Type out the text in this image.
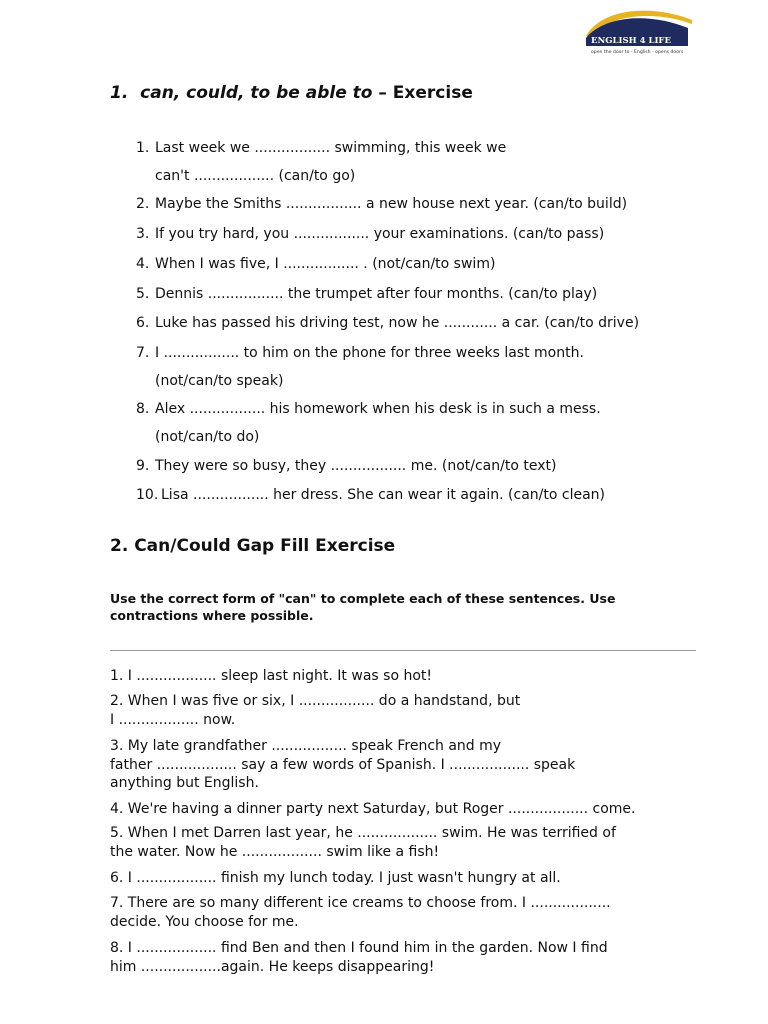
ENGLISH 4 LIFE
open the door to - English - opens doors
1. can, could, to be able to – Exercise
1. Last week we ................. swimming, this week we
can't .................. (can/to go)
2. Maybe the Smiths ................. a new house next year. (can/to build)
3. If you try hard, you ................. your examinations. (can/to pass)
4. When I was five, I ................. . (not/can/to swim)
5. Dennis ................. the trumpet after four months. (can/to play)
6. Luke has passed his driving test, now he ............ a car. (can/to drive)
7. I ................. to him on the phone for three weeks last month.
(not/can/to speak)
8. Alex ................. his homework when his desk is in such a mess.
(not/can/to do)
9. They were so busy, they ................. me. (not/can/to text)
10. Lisa ................. her dress. She can wear it again. (can/to clean)
2. Can/Could Gap Fill Exercise
Use the correct form of "can" to complete each of these sentences. Use contractions where possible.
1. I .................. sleep last night. It was so hot!
2. When I was five or six, I ................. do a handstand, but
I .................. now.
3. My late grandfather ................. speak French and my
father .................. say a few words of Spanish. I .................. speak
anything but English.
4. We're having a dinner party next Saturday, but Roger .................. come.
5. When I met Darren last year, he .................. swim. He was terrified of
the water. Now he .................. swim like a fish!
6. I .................. finish my lunch today. I just wasn't hungry at all.
7. There are so many different ice creams to choose from. I ..................
decide. You choose for me.
8. I .................. find Ben and then I found him in the garden. Now I find
him ..................again. He keeps disappearing!
